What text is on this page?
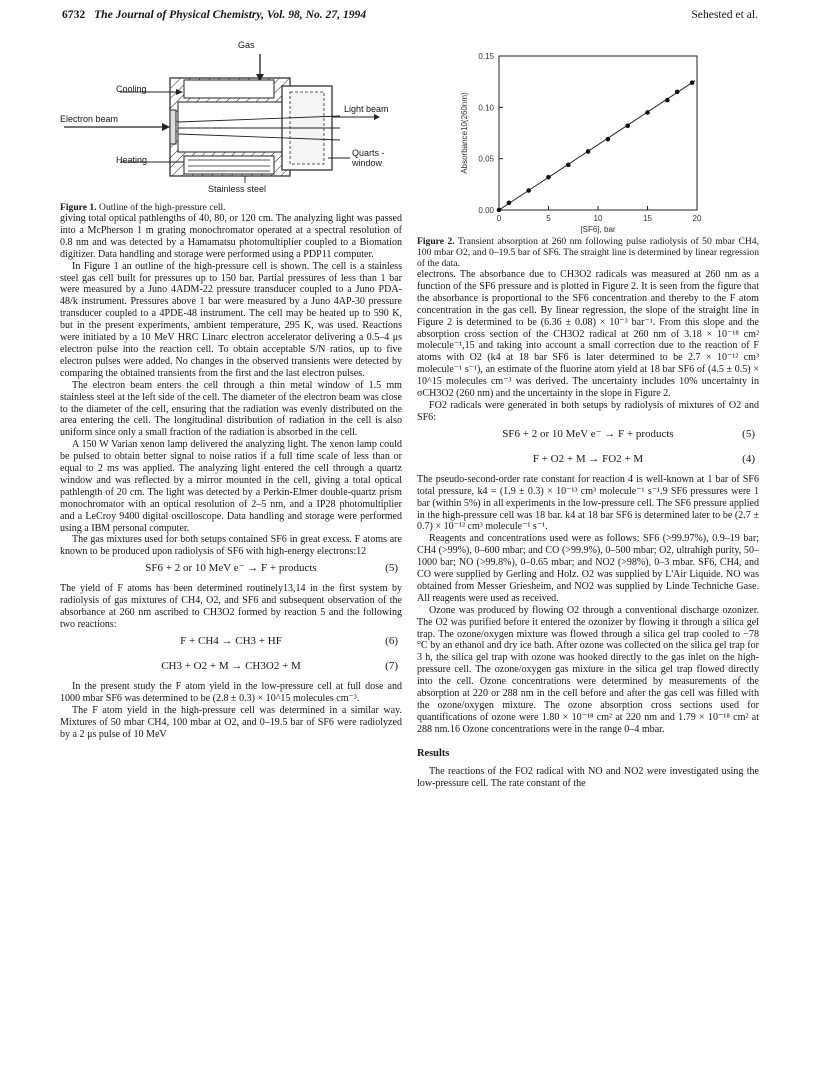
6732 The Journal of Physical Chemistry, Vol. 98, No. 27, 1994	Sehested et al.
Gas
Cooling
Electron beam
Heating
Light beam
Quarts -
window
Stainless steel

Figure 1. Outline of the high-pressure cell.

giving total optical pathlengths of 40, 80, or 120 cm. The analyzing light was passed into a McPherson 1 m grating monochromator operated at a spectral resolution of 0.8 nm and was detected by a Hamamatsu photomultiplier coupled to a Biomation digitizer. Data handling and storage were performed using a PDP11 computer.

In Figure 1 an outline of the high-pressure cell is shown. The cell is a stainless steel gas cell built for pressures up to 150 bar. Partial pressures of less than 1 bar were measured by a Juno 4ADM-22 pressure transducer coupled to a Juno PDA-48/k instrument. Pressures above 1 bar were measured by a Juno 4AP-30 pressure transducer coupled to a 4PDE-48 instrument. The cell may be heated up to 590 K, but in the present experiments, ambient temperature, 295 K, was used. Reactions were initiated by a 10 MeV HRC Linarc electron accelerator delivering a 0.5–4 μs electron pulse into the reaction cell. To obtain acceptable S/N ratios, up to five electron pulses were added. No changes in the observed transients were detected by comparing the obtained transients from the first and the last electron pulses.

The electron beam enters the cell through a thin metal window of 1.5 mm stainless steel at the left side of the cell. The diameter of the electron beam was close to the diameter of the cell, ensuring that the radiation was evenly distributed on the area entering the cell. The longitudinal distribution of radiation in the cell is also uniform since only a small fraction of the radiation is absorbed in the cell.

A 150 W Varian xenon lamp delivered the analyzing light. The xenon lamp could be pulsed to obtain better signal to noise ratios if a full time scale of less than or equal to 2 ms was applied. The analyzing light entered the cell through a quartz window and was reflected by a mirror mounted in the cell, giving a total optical pathlength of 20 cm. The light was detected by a Perkin-Elmer double-quartz prism monochromator with an optical resolution of 2–5 nm, and a IP28 photomultiplier and a LeCroy 9400 digital oscilloscope. Data handling and storage were performed using a IBM personal computer.

The gas mixtures used for both setups contained SF6 in great excess. F atoms are known to be produced upon radiolysis of SF6 with high-energy electrons:12

SF6 + 2 or 10 MeV e⁻ → F + products	(5)

The yield of F atoms has been determined routinely13,14 in the first system by radiolysis of gas mixtures of CH4, O2, and SF6 and subsequent observation of the absorbance at 260 nm ascribed to CH3O2 formed by reaction 5 and the following two reactions:

F + CH4 → CH3 + HF	(6)
CH3 + O2 + M → CH3O2 + M	(7)

In the present study the F atom yield in the low-pressure cell at full dose and 1000 mbar SF6 was determined to be (2.8 ± 0.3) × 10^15 molecules cm⁻³.

The F atom yield in the high-pressure cell was determined in a similar way. Mixtures of 50 mbar CH4, 100 mbar at O2, and 0–19.5 bar of SF6 were radiolyzed by a 2 μs pulse of 10 MeV

0	5	10	15	20
0.00
0.05
0.10
0.15
[SF6], bar
Absorbance10(260nm)

Figure 2. Transient absorption at 260 nm following pulse radiolysis of 50 mbar CH4, 100 mbar O2, and 0–19.5 bar of SF6. The straight line is determined by linear regression of the data.

electrons. The absorbance due to CH3O2 radicals was measured at 260 nm as a function of the SF6 pressure and is plotted in Figure 2. It is seen from the figure that the absorbance is proportional to the SF6 concentration and thereby to the F atom concentration in the gas cell. By linear regression, the slope of the straight line in Figure 2 is determined to be (6.36 ± 0.08) × 10⁻³ bar⁻¹. From this slope and the absorption cross section of the CH3O2 radical at 260 nm of 3.18 × 10⁻¹⁸ cm² molecule⁻¹,15 and taking into account a small correction due to the reaction of F atoms with O2 (k4 at 18 bar SF6 is later determined to be 2.7 × 10⁻¹² cm³ molecule⁻¹ s⁻¹), an estimate of the fluorine atom yield at 18 bar SF6 of (4.5 ± 0.5) × 10^15 molecules cm⁻³ was derived. The uncertainty includes 10% uncertainty in σCH3O2 (260 nm) and the uncertainty in the slope in Figure 2.

FO2 radicals were generated in both setups by radiolysis of mixtures of O2 and SF6:

SF6 + 2 or 10 MeV e⁻ → F + products	(5)
F + O2 + M → FO2 + M	(4)

The pseudo-second-order rate constant for reaction 4 is well-known at 1 bar of SF6 total pressure, k4 = (1.9 ± 0.3) × 10⁻¹³ cm³ molecule⁻¹ s⁻¹.9 SF6 pressures were 1 bar (within 5%) in all experiments in the low-pressure cell. The SF6 pressure applied in the high-pressure cell was 18 bar. k4 at 18 bar SF6 is determined later to be (2.7 ± 0.7) × 10⁻¹² cm³ molecule⁻¹ s⁻¹.

Reagents and concentrations used were as follows: SF6 (>99.97%), 0.9–19 bar; CH4 (>99%), 0–600 mbar; and CO (>99.9%), 0–500 mbar; O2, ultrahigh purity, 50–1000 bar; NO (>99.8%), 0–0.65 mbar; and NO2 (>98%), 0–3 mbar. SF6, CH4, and CO were supplied by Gerling and Holz. O2 was supplied by L'Air Liquide. NO was obtained from Messer Griesheim, and NO2 was supplied by Linde Techniche Gase. All reagents were used as received.

Ozone was produced by flowing O2 through a conventional discharge ozonizer. The O2 was purified before it entered the ozonizer by flowing it through a silica gel trap. The ozone/oxygen mixture was flowed through a silica gel trap cooled to −78 °C by an ethanol and dry ice bath. After ozone was collected on the silica gel trap for 3 h, the silica gel trap with ozone was hooked directly to the gas inlet on the high-pressure cell. The ozone/oxygen gas mixture in the silica gel trap flowed directly into the cell. Ozone concentrations were determined by measurements of the absorption at 220 or 288 nm in the cell before and after the gas cell was filled with the ozone/oxygen mixture. The ozone absorption cross sections used for quantifications of ozone were 1.80 × 10⁻¹⁸ cm² at 220 nm and 1.79 × 10⁻¹⁸ cm² at 288 nm.16 Ozone concentrations were in the range 0–4 mbar.

Results

The reactions of the FO2 radical with NO and NO2 were investigated using the low-pressure cell. The rate constant of the
